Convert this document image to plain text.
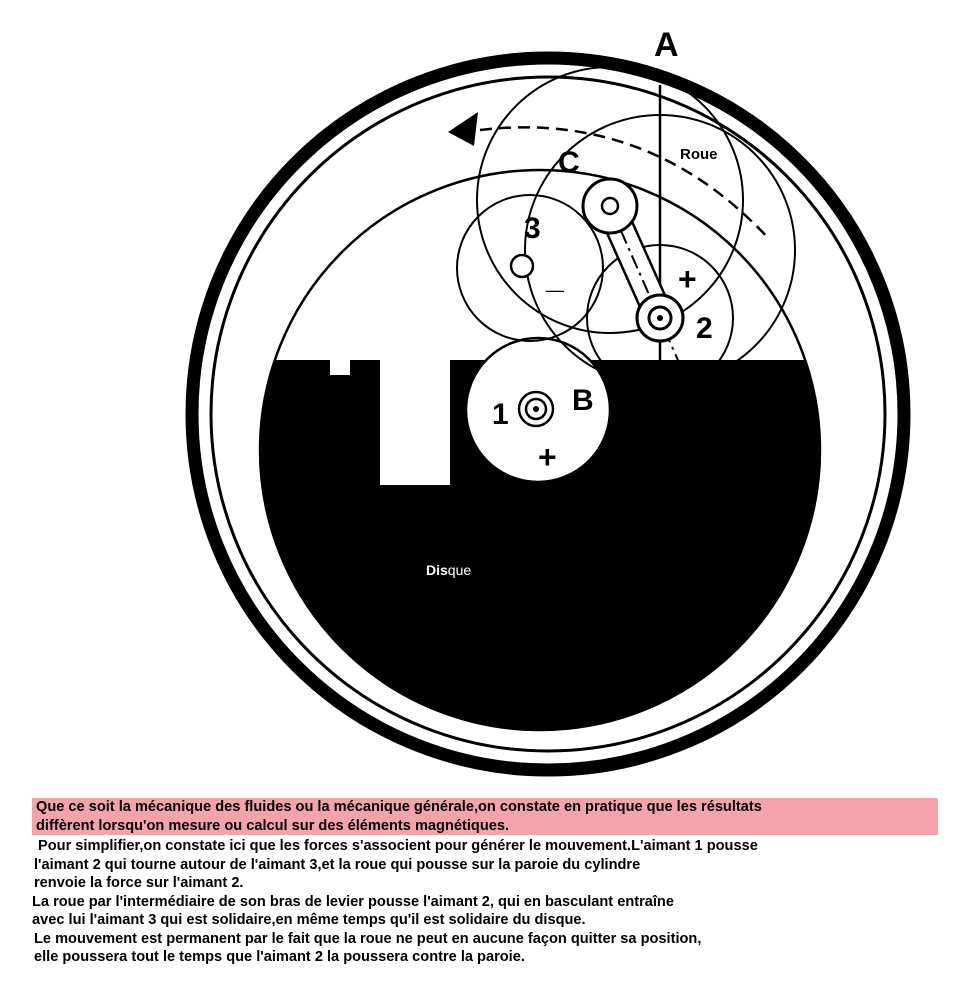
A
C	Roue
3
_	+
2
1 B
+
Disque
Que ce soit la mécanique des fluides ou la mécanique générale,on constate en pratique que les résultats
diffèrent lorsqu'on mesure ou calcul sur des éléments magnétiques.
Pour simplifier,on constate ici que les forces s'associent pour générer le mouvement.L'aimant 1 pousse
l'aimant 2 qui tourne autour de l'aimant 3,et la roue qui pousse sur la paroie du cylindre
renvoie la force sur l'aimant 2.
La roue par l'intermédiaire de son bras de levier pousse l'aimant 2, qui en basculant entraîne
avec lui l'aimant 3 qui est solidaire,en même temps qu'il est solidaire du disque.
Le mouvement est permanent par le fait que la roue ne peut en aucune façon quitter sa position,
elle poussera tout le temps que l'aimant 2 la poussera contre la paroie.
